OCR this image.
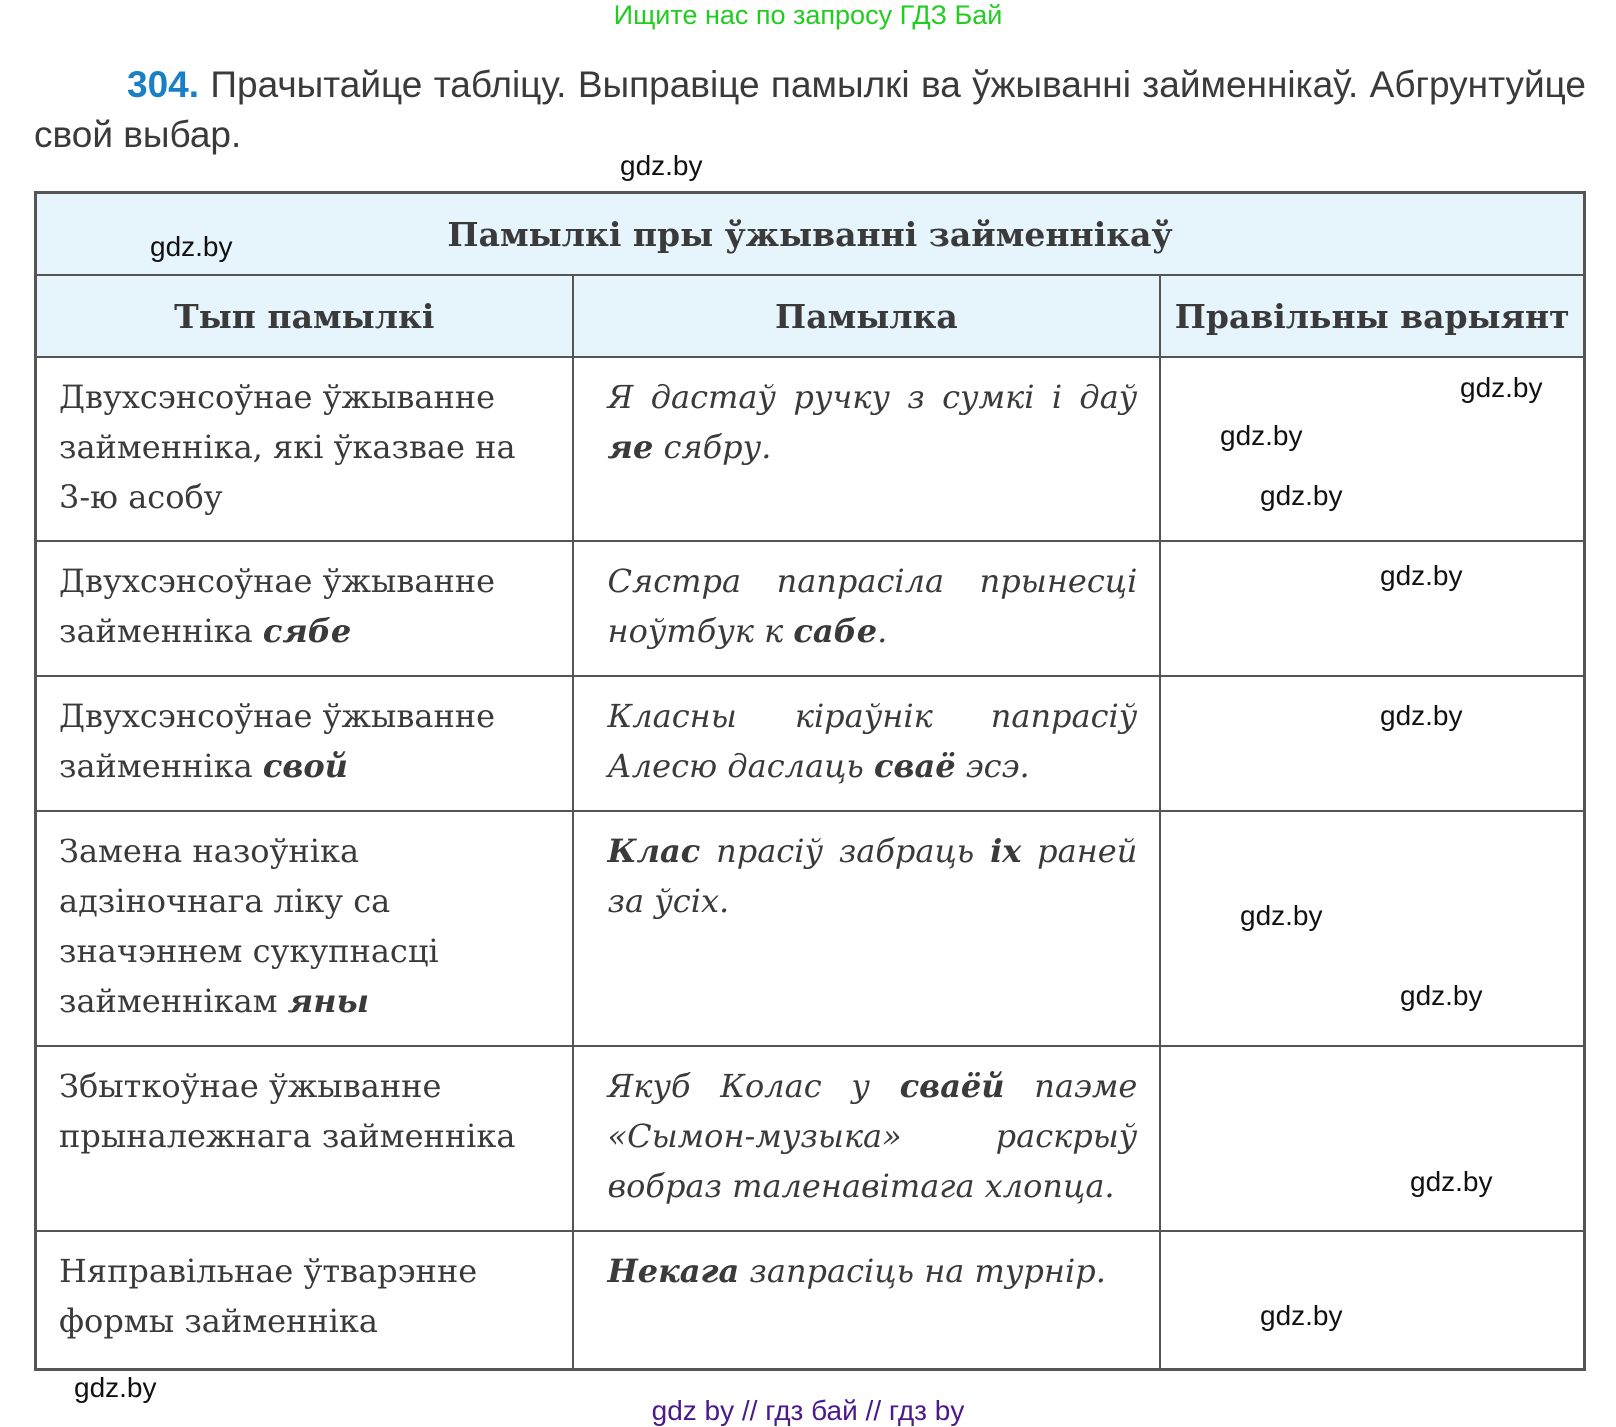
Ищите нас по запросу ГДЗ Бай
304. Прачытайце табліцу. Выправіце памылкі ва ўжыванні займеннікаў. Абгрунтуйце свой выбар.
Памылкі пры ўжыванні займеннікаў		
Тып памылкі	Памылка	Правільны варыянт
Двухсэнсоўнае ўжыванне займенніка, які ўказвае на 3-ю асобу	Я дастаў ручку з сумкі і даў яе сябру.	
Двухсэнсоўнае ўжыванне займенніка сябе	Сястра папрасіла прынесці ноўтбук к сабе.	
Двухсэнсоўнае ўжыванне займенніка свой	Класны кіраўнік папрасіў Алесю даслаць сваё эсэ.	
Замена назоўніка адзіночнага ліку са значэннем сукупнасці займеннікам яны	Клас прасіў забраць іх раней за ўсіх.	
Збыткоўнае ўжыванне прыналежнага займенніка	Якуб Колас у сваёй паэме «Сымон-музыка» раскрыў вобраз таленавітага хлопца.	
Няправільнае ўтварэнне формы займенніка	Некага запрасіць на турнір.	
gdz.by
gdz.by
gdz.by
gdz.by
gdz.by
gdz.by
gdz.by
gdz.by
gdz.by
gdz.by
gdz.by
gdz.by
gdz by // гдз бай // гдз by
